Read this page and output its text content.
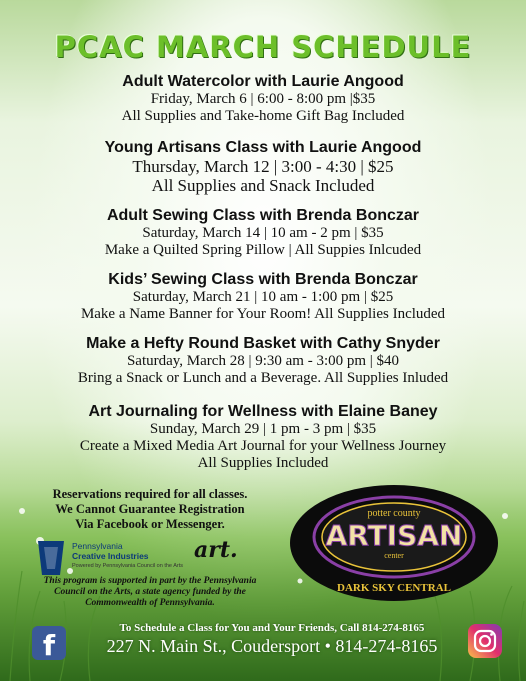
PCAC MARCH SCHEDULE
Adult Watercolor with Laurie Angood
Friday, March 6 | 6:00 - 8:00 pm |$35
All Supplies and Take-home Gift Bag Included
Young Artisans Class with Laurie Angood
Thursday, March 12 | 3:00 - 4:30 | $25
All Supplies and Snack Included
Adult Sewing Class with Brenda Bonczar
Saturday, March 14 | 10 am - 2 pm | $35
Make a Quilted Spring Pillow | All Suppies Inlcuded
Kids’ Sewing Class with Brenda Bonczar
Saturday, March 21 | 10 am - 1:00 pm | $25
Make a Name Banner for Your Room! All Supplies Included
Make a Hefty Round Basket with Cathy Snyder
Saturday, March 28 | 9:30 am - 3:00 pm | $40
Bring a Snack or Lunch and a Beverage. All Supplies Inluded
Art Journaling for Wellness with Elaine Baney
Sunday, March 29 | 1 pm - 3 pm | $35
Create a Mixed Media Art Journal for your Wellness Journey
All Supplies Included
Reservations required for all classes.
We Cannot Guarantee Registration
Via Facebook or Messenger.
Pennsylvania
Creative Industries
Powered by Pennsylvania Council on the Arts
art.
This program is supported in part by the Pennsylvania Council on the Arts, a state agency funded by the Commonwealth of Pennsylvania.
potter county
ARTISAN
center
DARK SKY CENTRAL
f
To Schedule a Class for You and Your Friends, Call 814-274-8165
227 N. Main St., Coudersport • 814-274-8165
